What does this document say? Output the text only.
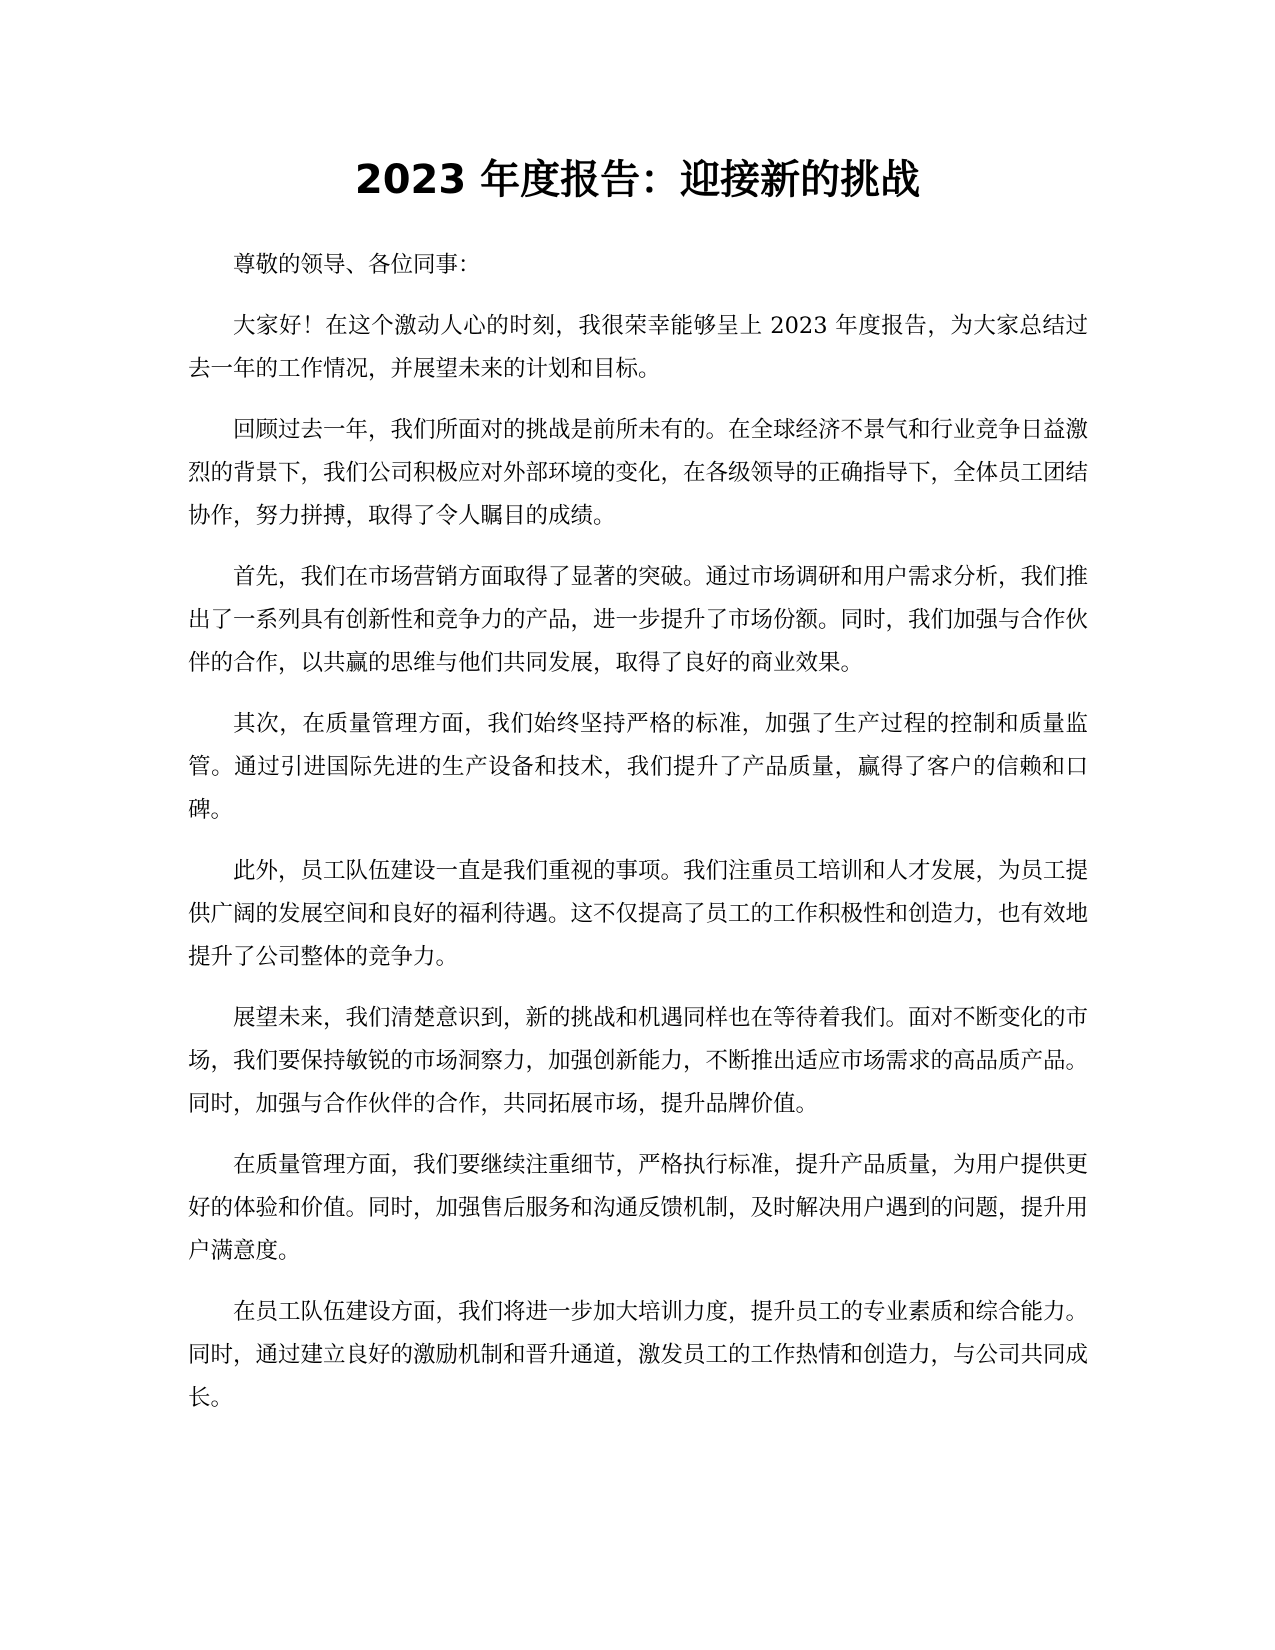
2023 年度报告：迎接新的挑战

尊敬的领导、各位同事：

大家好！在这个激动人心的时刻，我很荣幸能够呈上 2023 年度报告，为大家总结过去一年的工作情况，并展望未来的计划和目标。

回顾过去一年，我们所面对的挑战是前所未有的。在全球经济不景气和行业竞争日益激烈的背景下，我们公司积极应对外部环境的变化，在各级领导的正确指导下，全体员工团结协作，努力拼搏，取得了令人瞩目的成绩。

首先，我们在市场营销方面取得了显著的突破。通过市场调研和用户需求分析，我们推出了一系列具有创新性和竞争力的产品，进一步提升了市场份额。同时，我们加强与合作伙伴的合作，以共赢的思维与他们共同发展，取得了良好的商业效果。

其次，在质量管理方面，我们始终坚持严格的标准，加强了生产过程的控制和质量监管。通过引进国际先进的生产设备和技术，我们提升了产品质量，赢得了客户的信赖和口碑。

此外，员工队伍建设一直是我们重视的事项。我们注重员工培训和人才发展，为员工提供广阔的发展空间和良好的福利待遇。这不仅提高了员工的工作积极性和创造力，也有效地提升了公司整体的竞争力。

展望未来，我们清楚意识到，新的挑战和机遇同样也在等待着我们。面对不断变化的市场，我们要保持敏锐的市场洞察力，加强创新能力，不断推出适应市场需求的高品质产品。同时，加强与合作伙伴的合作，共同拓展市场，提升品牌价值。

在质量管理方面，我们要继续注重细节，严格执行标准，提升产品质量，为用户提供更好的体验和价值。同时，加强售后服务和沟通反馈机制，及时解决用户遇到的问题，提升用户满意度。

在员工队伍建设方面，我们将进一步加大培训力度，提升员工的专业素质和综合能力。同时，通过建立良好的激励机制和晋升通道，激发员工的工作热情和创造力，与公司共同成长。
